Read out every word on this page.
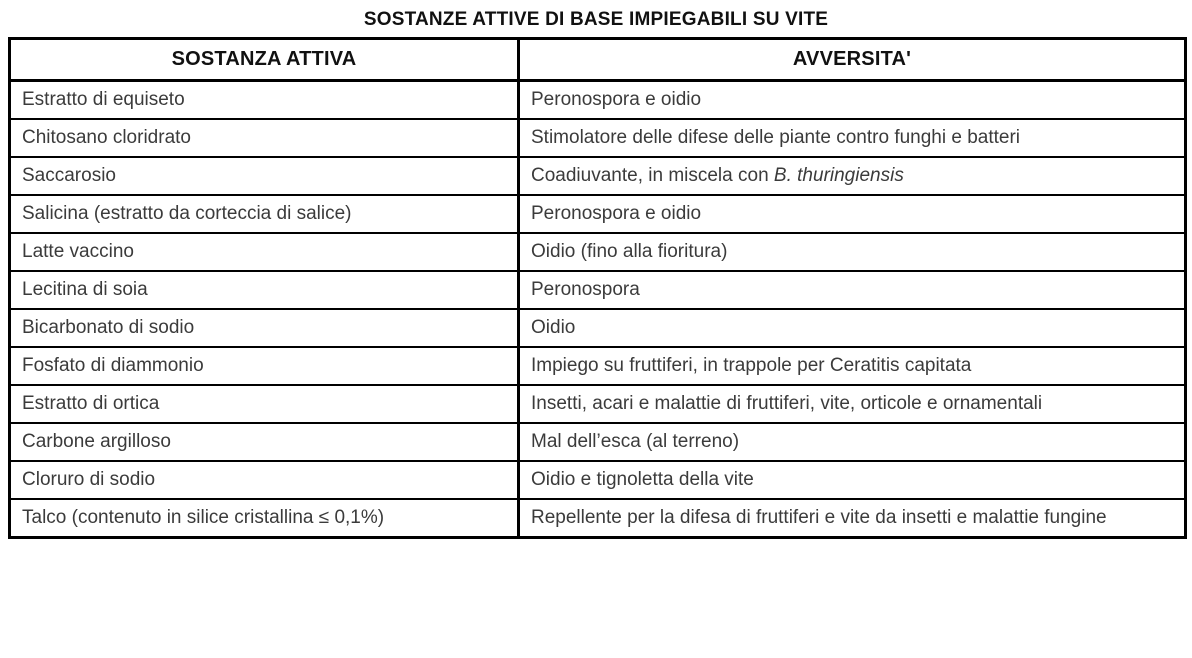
SOSTANZE ATTIVE DI BASE IMPIEGABILI SU VITE
SOSTANZA ATTIVA	AVVERSITA'
Estratto di equiseto	Peronospora e oidio
Chitosano cloridrato	Stimolatore delle difese delle piante contro funghi e batteri
Saccarosio	Coadiuvante, in miscela con B. thuringiensis
Salicina (estratto da corteccia di salice)	Peronospora e oidio
Latte vaccino	Oidio (fino alla fioritura)
Lecitina di soia	Peronospora
Bicarbonato di sodio	Oidio
Fosfato di diammonio	Impiego su fruttiferi, in trappole per Ceratitis capitata
Estratto di ortica	Insetti, acari e malattie di fruttiferi, vite, orticole e ornamentali
Carbone argilloso	Mal dell’esca (al terreno)
Cloruro di sodio	Oidio e tignoletta della vite
Talco (contenuto in silice cristallina ≤ 0,1%)	Repellente per la difesa di fruttiferi e vite da insetti e malattie fungine
